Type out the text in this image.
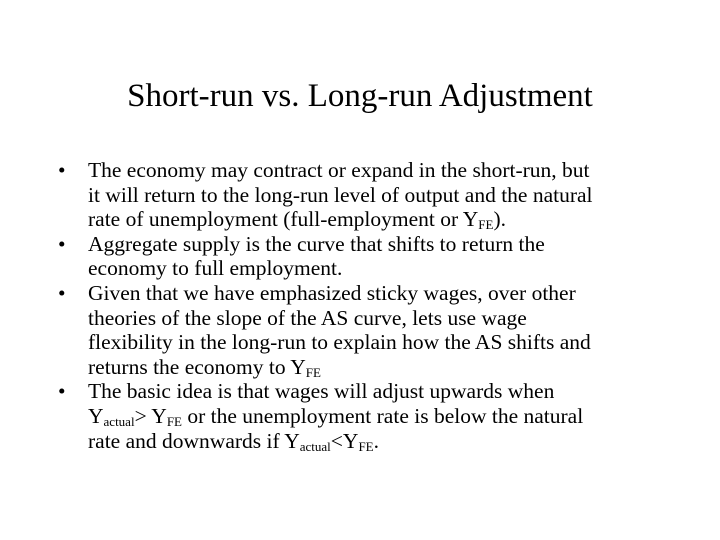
Short-run vs. Long-run Adjustment
• The economy may contract or expand in the short-run, but
it will return to the long-run level of output and the natural
rate of unemployment (full-employment or $Y_{FE}$).
• Aggregate supply is the curve that shifts to return the
economy to full employment.
• Given that we have emphasized sticky wages, over other
theories of the slope of the AS curve, lets use wage
flexibility in the long-run to explain how the AS shifts and
returns the economy to $Y_{FE}$
• The basic idea is that wages will adjust upwards when
$Y_{actual}> Y_{FE}$ or the unemployment rate is below the natural
rate and downwards if $Y_{actual}<Y_{FE}$.
